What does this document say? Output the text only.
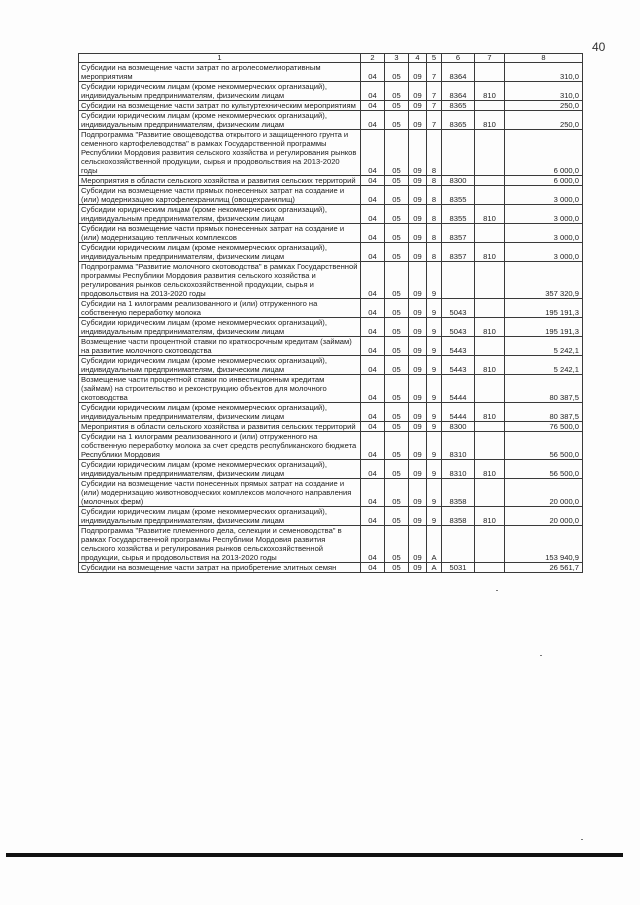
40
1	2	3	4	5	6	7	8
Субсидии на возмещение части затрат по агролесомелиоративным мероприятиям	04	05	09	7	8364		310,0
Субсидии юридическим лицам (кроме некоммерческих организаций), индивидуальным предпринимателям, физическим лицам	04	05	09	7	8364	810	310,0
Субсидии на возмещение части затрат по культуртехническим мероприятиям	04	05	09	7	8365		250,0
Субсидии юридическим лицам (кроме некоммерческих организаций), индивидуальным предпринимателям, физическим лицам	04	05	09	7	8365	810	250,0
Подпрограмма "Развитие овощеводства открытого и защищенного грунта и семенного картофелеводства" в рамках Государственной программы Республики Мордовия развития сельского хозяйства и регулирования рынков сельскохозяйственной продукции, сырья и продовольствия на 2013-2020 годы	04	05	09	8			6 000,0
Мероприятия в области сельского хозяйства и развития сельских территорий	04	05	09	8	8300		6 000,0
Субсидии на возмещение части прямых понесенных затрат на создание и (или) модернизацию картофелехранилищ (овощехранилищ)	04	05	09	8	8355		3 000,0
Субсидии юридическим лицам (кроме некоммерческих организаций), индивидуальным предпринимателям, физическим лицам	04	05	09	8	8355	810	3 000,0
Субсидии на возмещение части прямых понесенных затрат на создание и (или) модернизацию тепличных комплексов	04	05	09	8	8357		3 000,0
Субсидии юридическим лицам (кроме некоммерческих организаций), индивидуальным предпринимателям, физическим лицам	04	05	09	8	8357	810	3 000,0
Подпрограмма "Развитие молочного скотоводства" в рамках Государственной программы Республики Мордовия развития сельского хозяйства и регулирования рынков сельскохозяйственной продукции, сырья и продовольствия на 2013-2020 годы	04	05	09	9			357 320,9
Субсидии на 1 килограмм реализованного и (или) отгруженного на собственную переработку молока	04	05	09	9	5043		195 191,3
Субсидии юридическим лицам (кроме некоммерческих организаций), индивидуальным предпринимателям, физическим лицам	04	05	09	9	5043	810	195 191,3
Возмещение части процентной ставки по краткосрочным кредитам (займам) на развитие молочного скотоводства	04	05	09	9	5443		5 242,1
Субсидии юридическим лицам (кроме некоммерческих организаций), индивидуальным предпринимателям, физическим лицам	04	05	09	9	5443	810	5 242,1
Возмещение части процентной ставки по инвестиционным кредитам (займам) на строительство и реконструкцию объектов для молочного скотоводства	04	05	09	9	5444		80 387,5
Субсидии юридическим лицам (кроме некоммерческих организаций), индивидуальным предпринимателям, физическим лицам	04	05	09	9	5444	810	80 387,5
Мероприятия в области сельского хозяйства и развития сельских территорий	04	05	09	9	8300		76 500,0
Субсидии на 1 килограмм реализованного и (или) отгруженного на собственную переработку молока за счет средств республиканского бюджета Республики Мордовия	04	05	09	9	8310		56 500,0
Субсидии юридическим лицам (кроме некоммерческих организаций), индивидуальным предпринимателям, физическим лицам	04	05	09	9	8310	810	56 500,0
Субсидии на возмещение части понесенных прямых затрат на создание и (или) модернизацию животноводческих комплексов молочного направления (молочных ферм)	04	05	09	9	8358		20 000,0
Субсидии юридическим лицам (кроме некоммерческих организаций), индивидуальным предпринимателям, физическим лицам	04	05	09	9	8358	810	20 000,0
Подпрограмма "Развитие племенного дела, селекции и семеноводства" в рамках Государственной программы Республики Мордовия развития сельского хозяйства и регулирования рынков сельскохозяйственной продукции, сырья и продовольствия на 2013-2020 годы	04	05	09	А			153 940,9
Субсидии на возмещение части затрат на приобретение элитных семян	04	05	09	А	5031		26 561,7
